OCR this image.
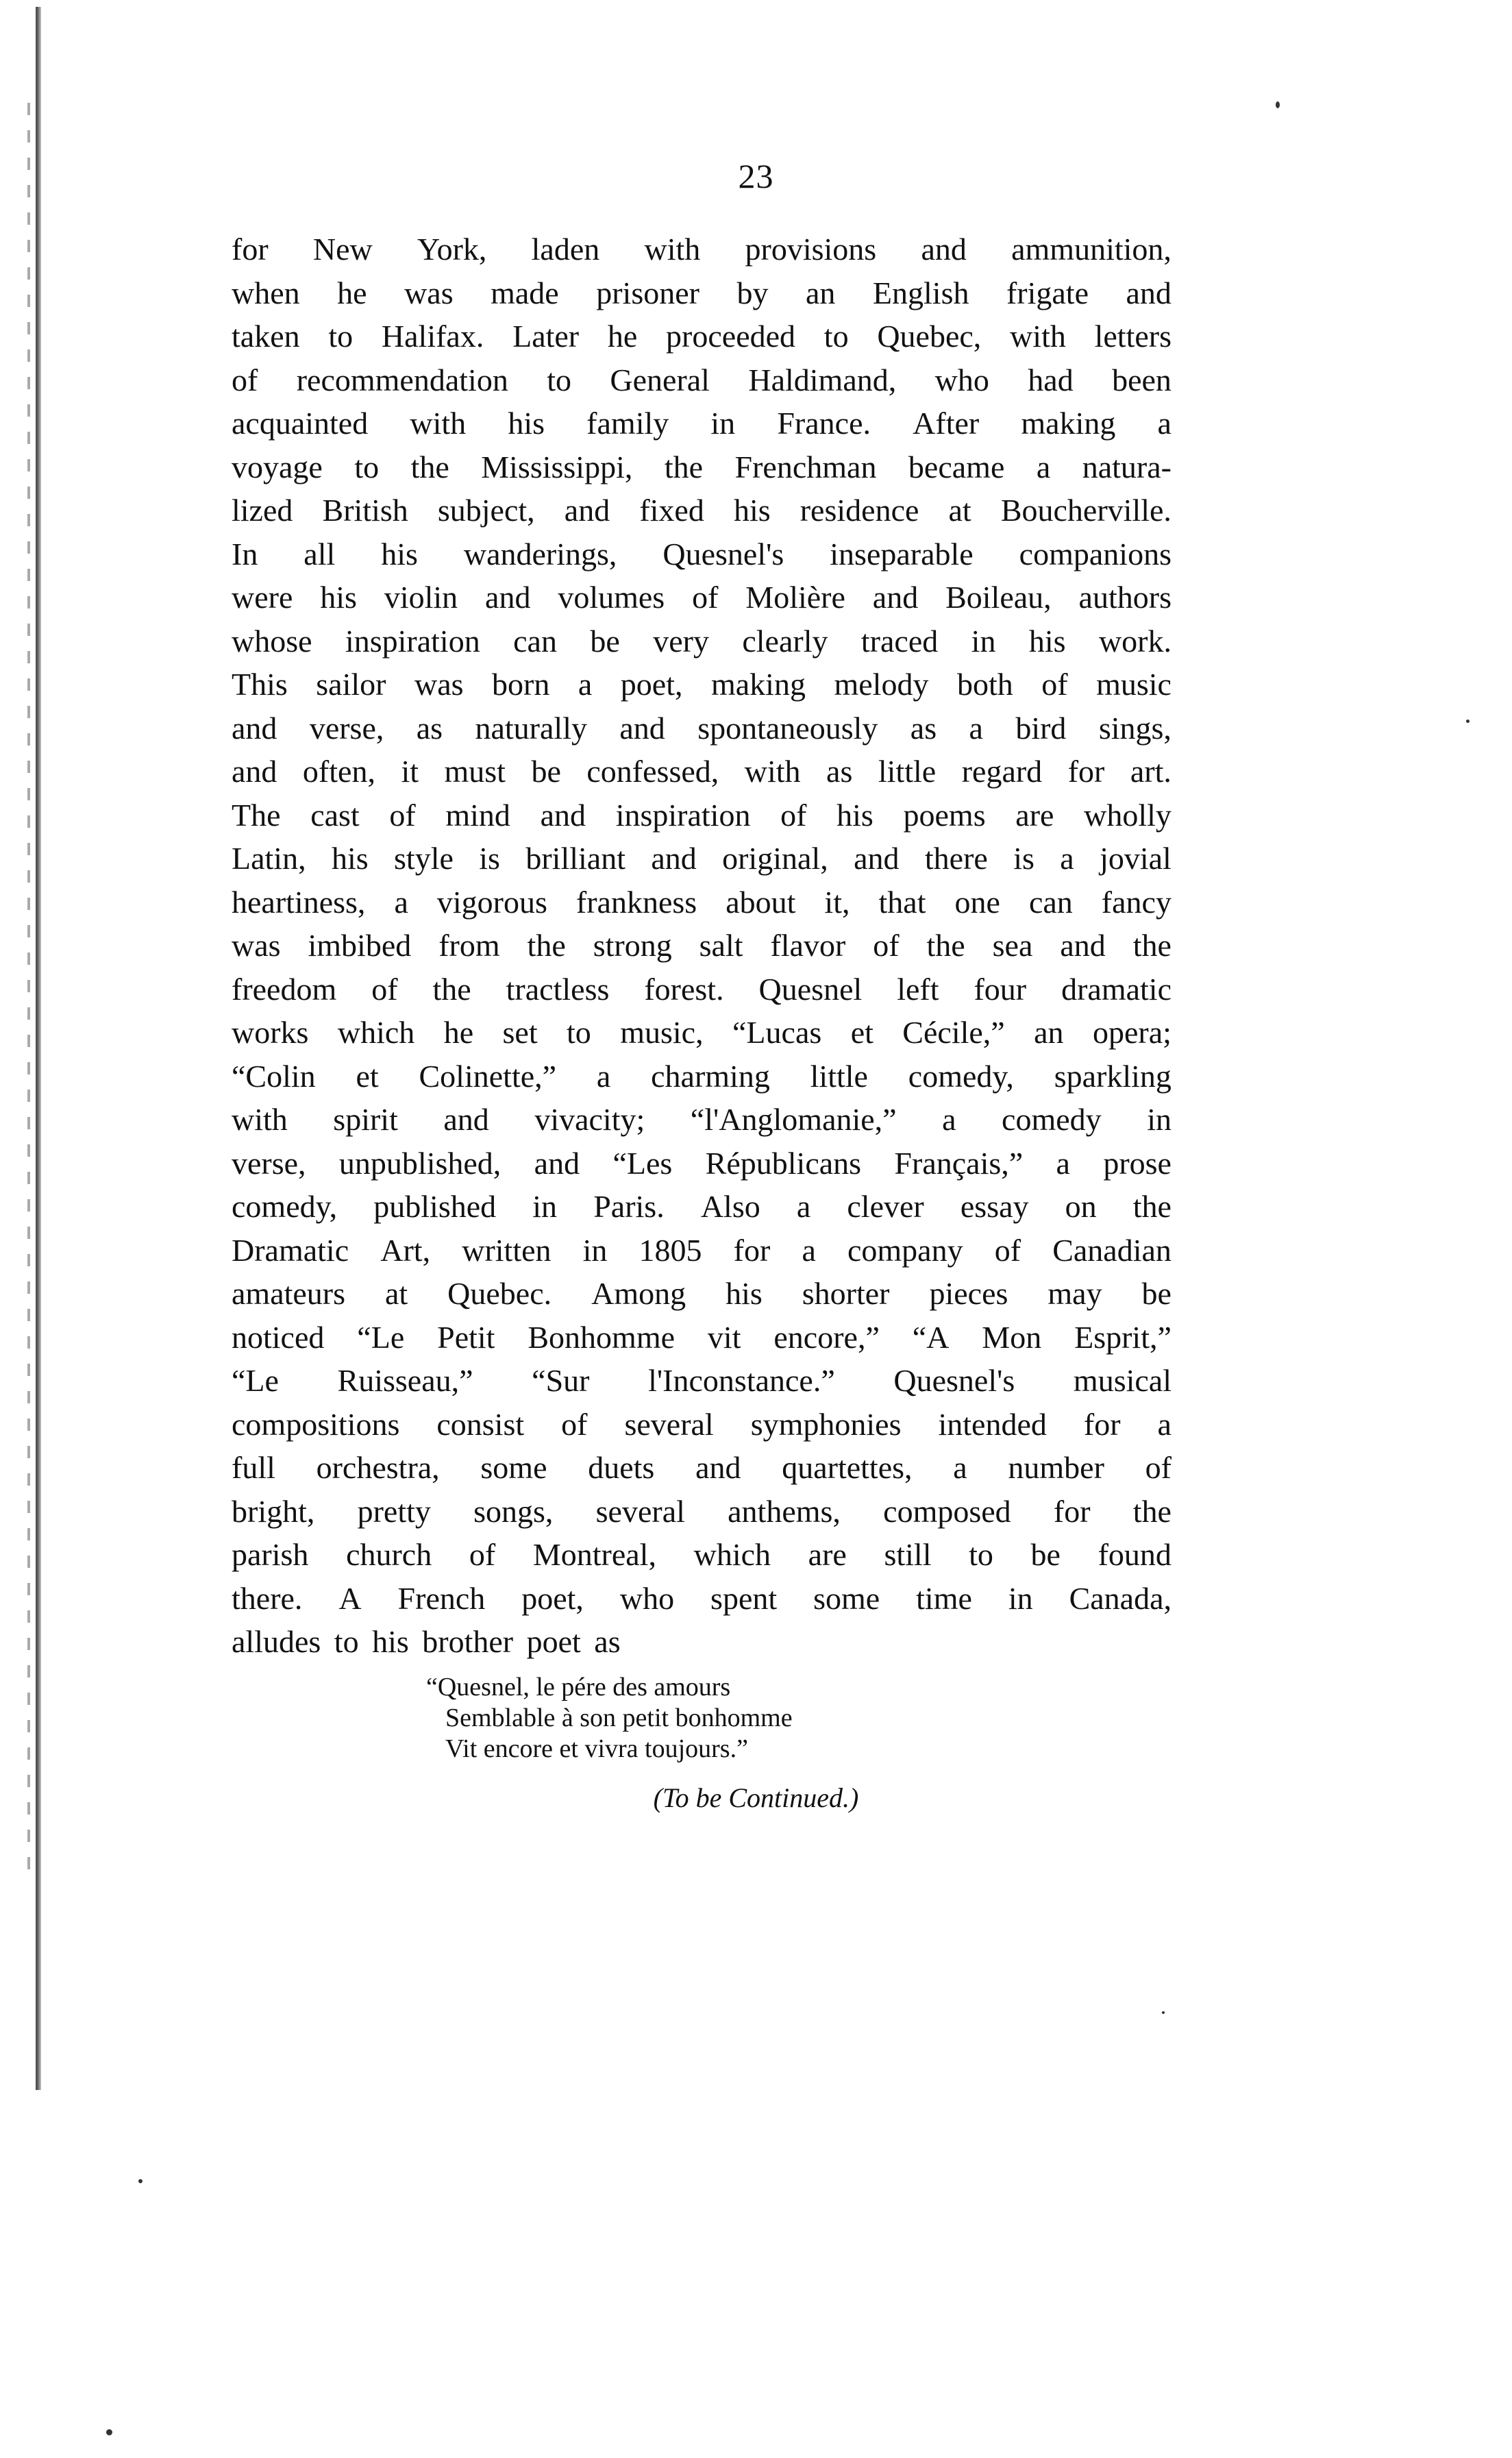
23
for New York, laden with provisions and ammunition,
when he was made prisoner by an English frigate and
taken to Halifax. Later he proceeded to Quebec, with letters
of recommendation to General Haldimand, who had been
acquainted with his family in France. After making a
voyage to the Mississippi, the Frenchman became a natura-
lized British subject, and fixed his residence at Boucherville.
In all his wanderings, Quesnel's inseparable companions
were his violin and volumes of Molière and Boileau, authors
whose inspiration can be very clearly traced in his work.
This sailor was born a poet, making melody both of music
and verse, as naturally and spontaneously as a bird sings,
and often, it must be confessed, with as little regard for art.
The cast of mind and inspiration of his poems are wholly
Latin, his style is brilliant and original, and there is a jovial
heartiness, a vigorous frankness about it, that one can fancy
was imbibed from the strong salt flavor of the sea and the
freedom of the tractless forest. Quesnel left four dramatic
works which he set to music, “Lucas et Cécile,” an opera;
“Colin et Colinette,” a charming little comedy, sparkling
with spirit and vivacity; “l'Anglomanie,” a comedy in
verse, unpublished, and “Les Républicans Français,” a prose
comedy, published in Paris. Also a clever essay on the
Dramatic Art, written in 1805 for a company of Canadian
amateurs at Quebec. Among his shorter pieces may be
noticed “Le Petit Bonhomme vit encore,” “A Mon Esprit,”
“Le Ruisseau,” “Sur l'Inconstance.” Quesnel's musical
compositions consist of several symphonies intended for a
full orchestra, some duets and quartettes, a number of
bright, pretty songs, several anthems, composed for the
parish church of Montreal, which are still to be found
there. A French poet, who spent some time in Canada,
alludes to his brother poet as
“Quesnel, le pére des amours
Semblable à son petit bonhomme
Vit encore et vivra toujours.”
(To be Continued.)
